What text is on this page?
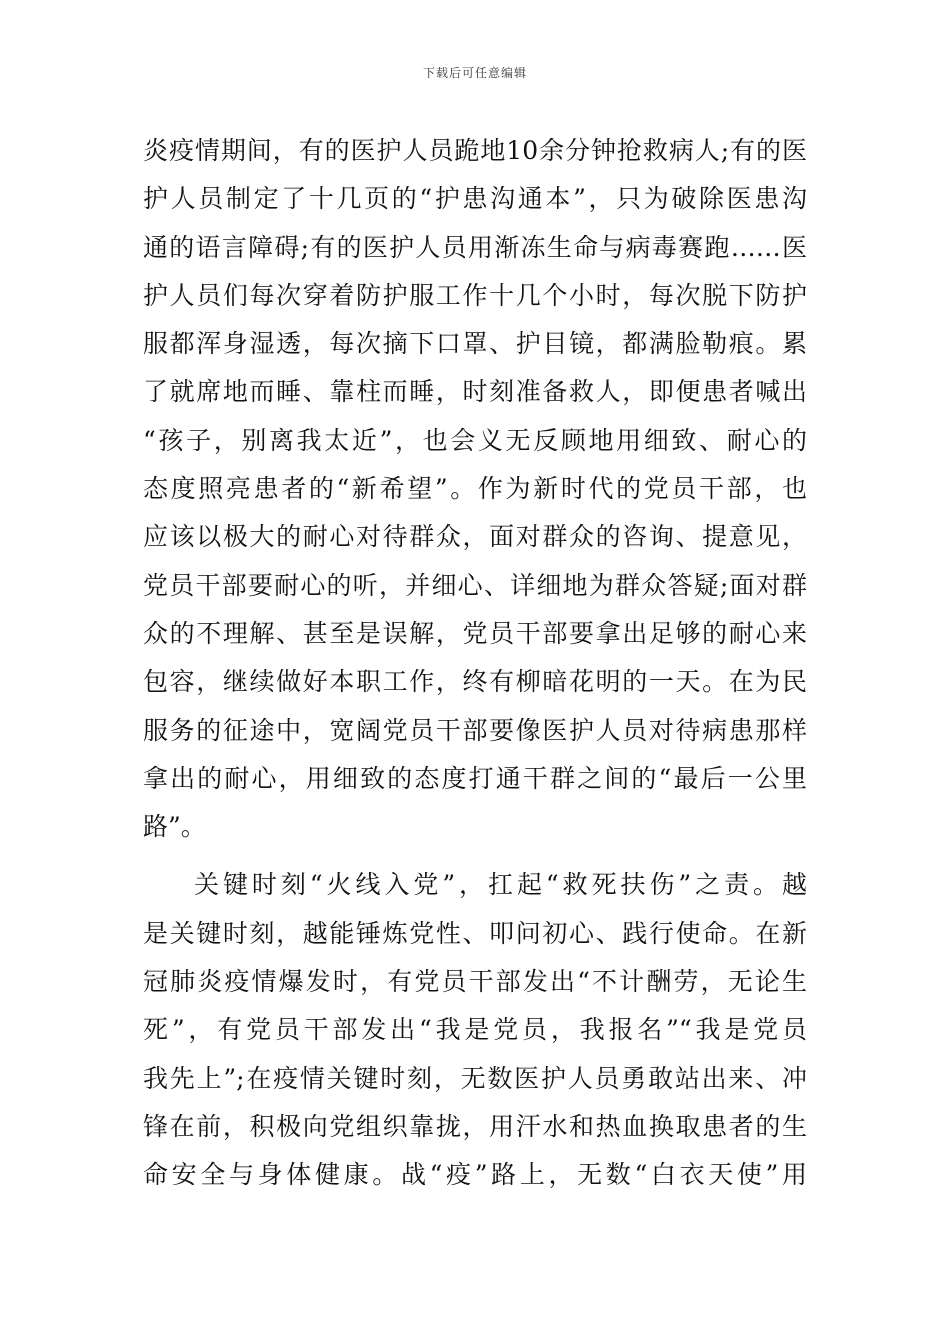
下载后可任意编辑
炎疫情期间，有的医护人员跪地10余分钟抢救病人;有的医
护人员制定了十几页的“护患沟通本”，只为破除医患沟
通的语言障碍;有的医护人员用渐冻生命与病毒赛跑……医
护人员们每次穿着防护服工作十几个小时，每次脱下防护
服都浑身湿透，每次摘下口罩、护目镜，都满脸勒痕。累
了就席地而睡、靠柱而睡，时刻准备救人，即便患者喊出
“孩子，别离我太近”，也会义无反顾地用细致、耐心的
态度照亮患者的“新希望”。作为新时代的党员干部，也
应该以极大的耐心对待群众，面对群众的咨询、提意见，
党员干部要耐心的听，并细心、详细地为群众答疑;面对群
众的不理解、甚至是误解，党员干部要拿出足够的耐心来
包容，继续做好本职工作，终有柳暗花明的一天。在为民
服务的征途中，宽阔党员干部要像医护人员对待病患那样
拿出的耐心，用细致的态度打通干群之间的“最后一公里
路”。
关键时刻“火线入党”，扛起“救死扶伤”之责。越
是关键时刻，越能锤炼党性、叩问初心、践行使命。在新
冠肺炎疫情爆发时，有党员干部发出“不计酬劳，无论生
死”，有党员干部发出“我是党员，我报名”“我是党员
我先上”;在疫情关键时刻，无数医护人员勇敢站出来、冲
锋在前，积极向党组织靠拢，用汗水和热血换取患者的生
命安全与身体健康。战“疫”路上，无数“白衣天使”用
